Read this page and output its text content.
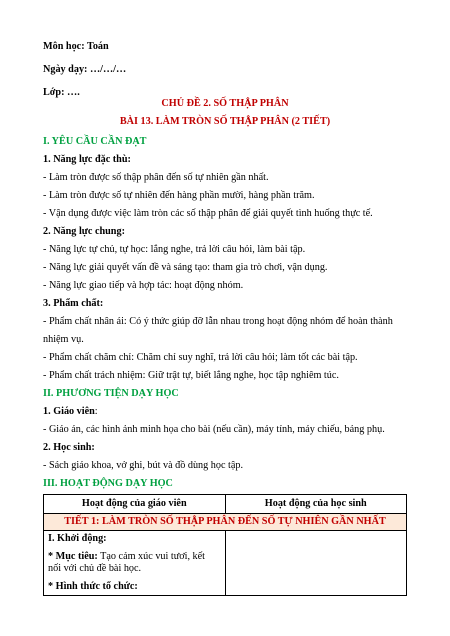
Môn học: Toán
Ngày dạy: …/…/…
Lớp: ….
CHỦ ĐỀ 2. SỐ THẬP PHÂN
BÀI 13. LÀM TRÒN SỐ THẬP PHÂN (2 TIẾT)
I. YÊU CẦU CẦN ĐẠT
1. Năng lực đặc thù:
- Làm tròn được số thập phân đến số tự nhiên gần nhất.
- Làm tròn được số tự nhiên đến hàng phần mười, hàng phần trăm.
- Vận dụng được việc làm tròn các số thập phân để giải quyết tình huống thực tế.
2. Năng lực chung:
- Năng lực tự chủ, tự học: lắng nghe, trả lời câu hỏi, làm bài tập.
- Năng lực giải quyết vấn đề và sáng tạo: tham gia trò chơi, vận dụng.
- Năng lực giao tiếp và hợp tác: hoạt động nhóm.
3. Phẩm chất:
- Phẩm chất nhân ái: Có ý thức giúp đỡ lẫn nhau trong hoạt động nhóm để hoàn thành
nhiệm vụ.
- Phẩm chất chăm chỉ: Chăm chỉ suy nghĩ, trả lời câu hỏi; làm tốt các bài tập.
- Phẩm chất trách nhiệm: Giữ trật tự, biết lắng nghe, học tập nghiêm túc.
II. PHƯƠNG TIỆN DẠY HỌC
1. Giáo viên:
- Giáo án, các hình ảnh minh họa cho bài (nếu cần), máy tính, máy chiếu, bảng phụ.
2. Học sinh:
- Sách giáo khoa, vở ghi, bút và đồ dùng học tập.
III. HOẠT ĐỘNG DẠY HỌC
Hoạt động của giáo viên	Hoạt động của học sinh
TIẾT 1: LÀM TRÒN SỐ THẬP PHÂN ĐẾN SỐ TỰ NHIÊN GẦN NHẤT	

I. Khởi động:
* Mục tiêu: Tạo cảm xúc vui tươi, kết nối với chủ đề bài học.
* Hình thức tổ chức:	
